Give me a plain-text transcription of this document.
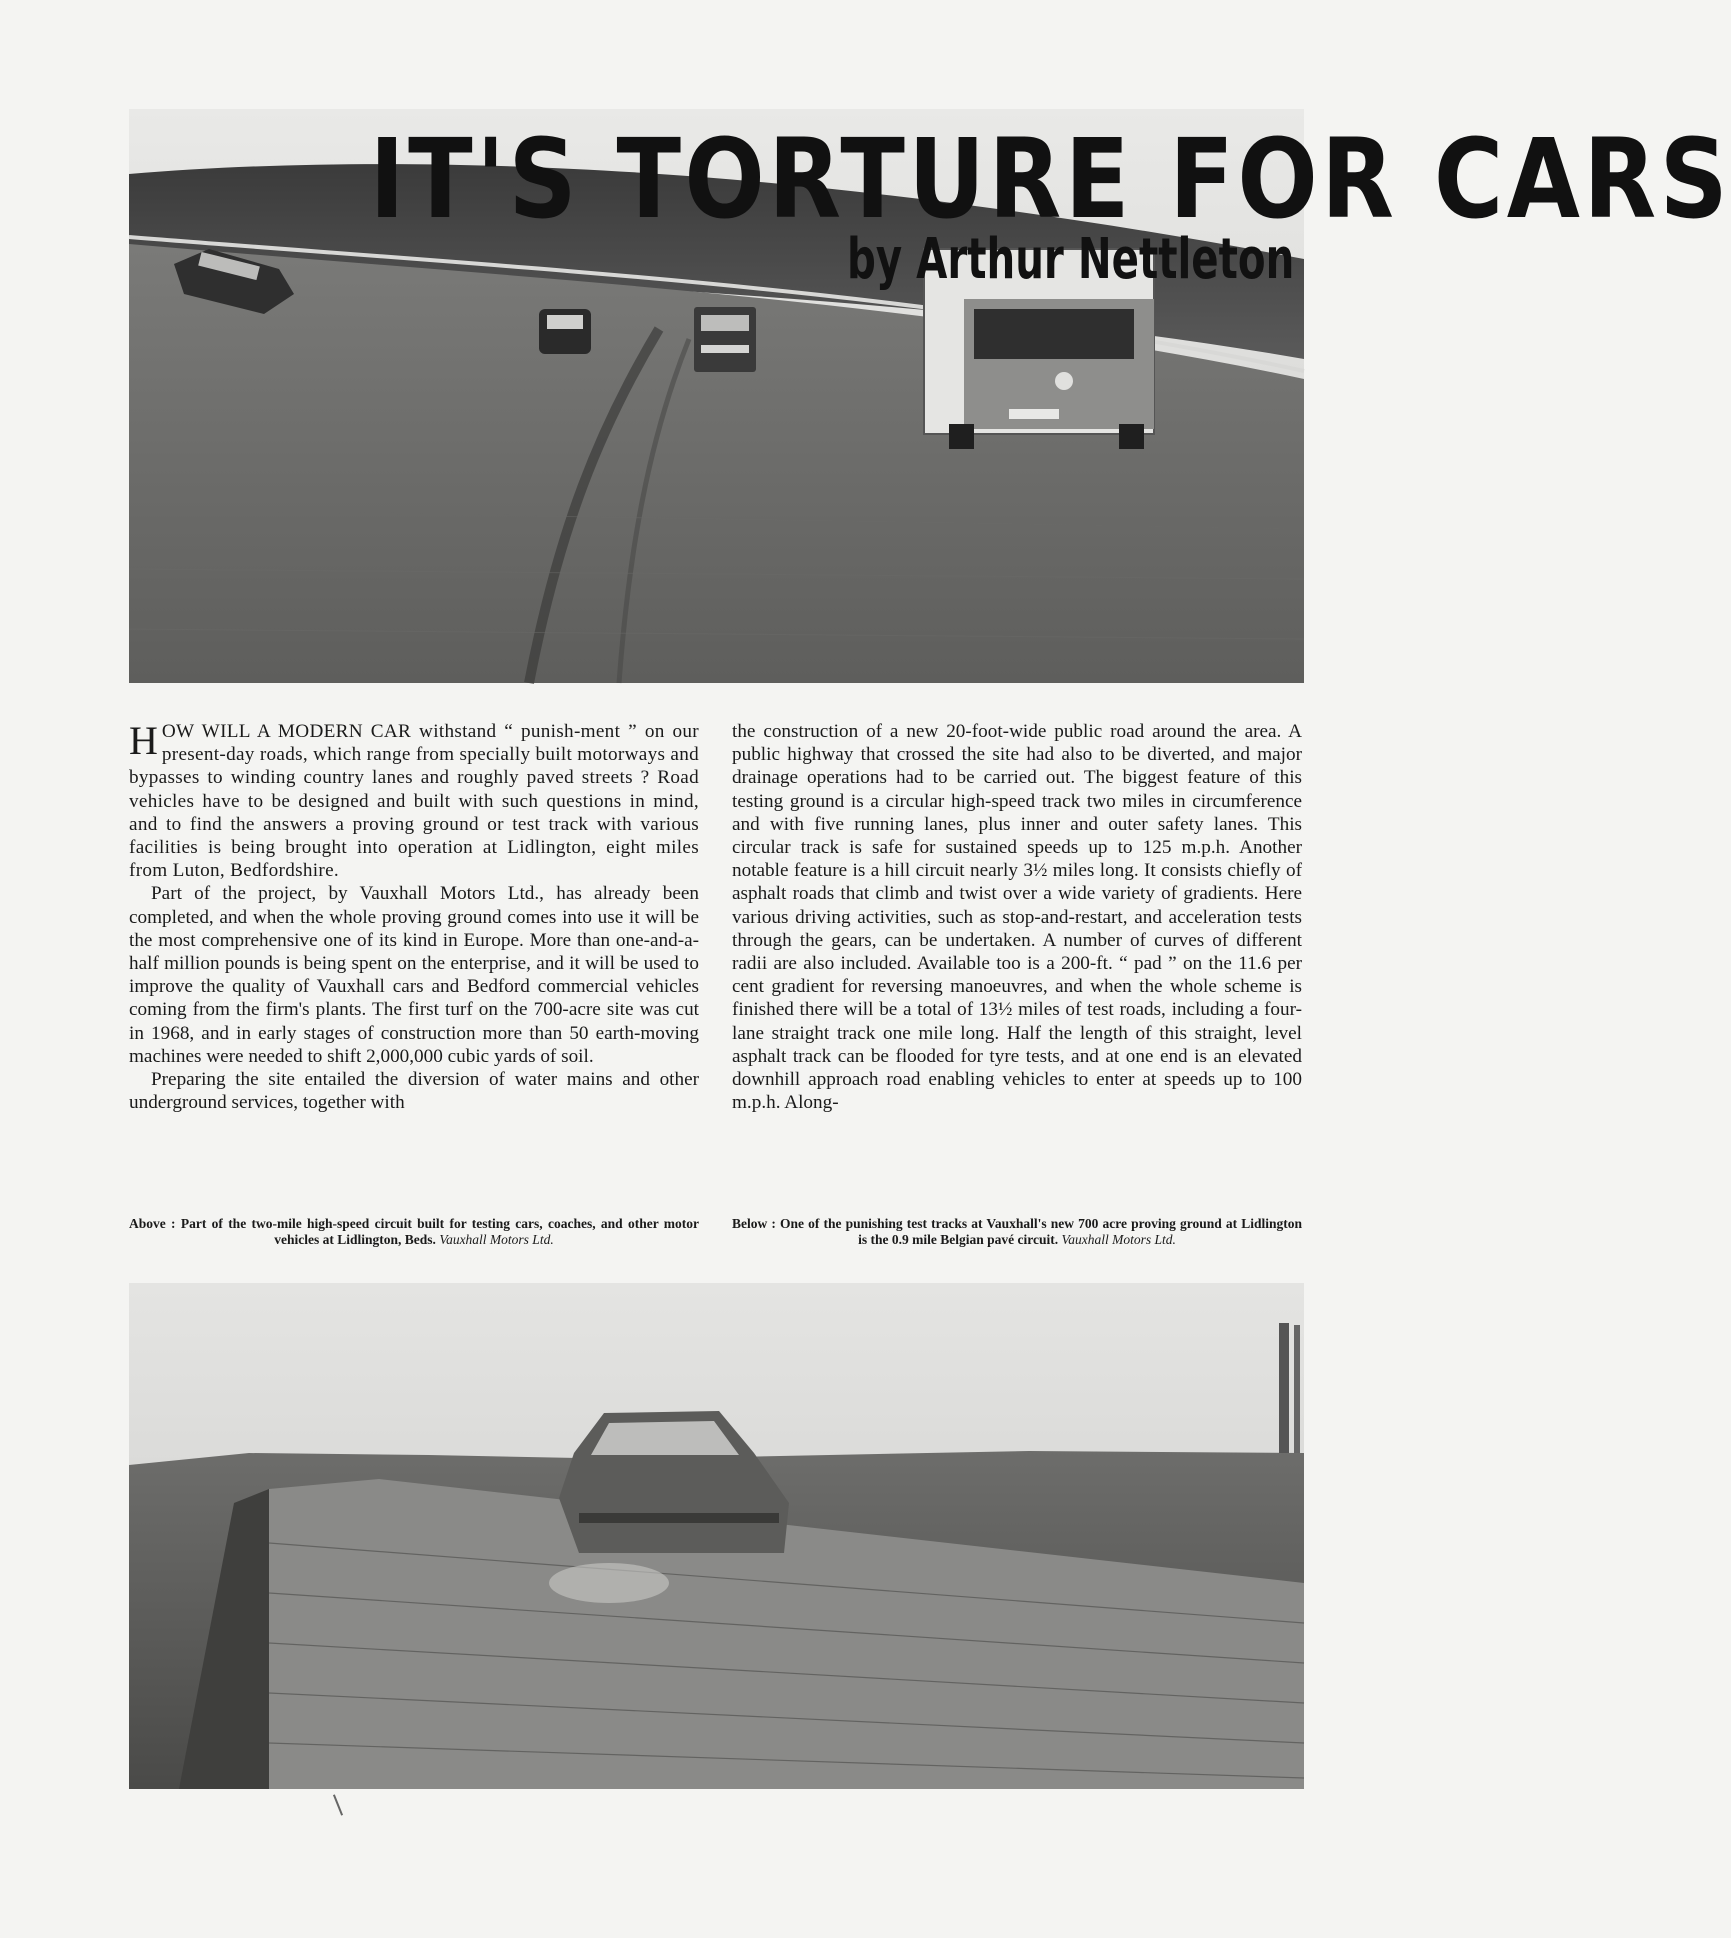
IT'S TORTURE FOR CARS
by Arthur Nettleton

HOW WILL A MODERN CAR withstand “ punish-ment ” on our present-day roads, which range from specially built motorways and bypasses to winding country lanes and roughly paved streets ? Road vehicles have to be designed and built with such questions in mind, and to find the answers a proving ground or test track with various facilities is being brought into operation at Lidlington, eight miles from Luton, Bedfordshire.

Part of the project, by Vauxhall Motors Ltd., has already been completed, and when the whole proving ground comes into use it will be the most comprehensive one of its kind in Europe. More than one-and-a-half million pounds is being spent on the enterprise, and it will be used to improve the quality of Vauxhall cars and Bedford commercial vehicles coming from the firm's plants. The first turf on the 700-acre site was cut in 1968, and in early stages of construction more than 50 earth-moving machines were needed to shift 2,000,000 cubic yards of soil.

Preparing the site entailed the diversion of water mains and other underground services, together with

the construction of a new 20-foot-wide public road around the area. A public highway that crossed the site had also to be diverted, and major drainage operations had to be carried out. The biggest feature of this testing ground is a circular high-speed track two miles in circumference and with five running lanes, plus inner and outer safety lanes. This circular track is safe for sustained speeds up to 125 m.p.h. Another notable feature is a hill circuit nearly 3½ miles long. It consists chiefly of asphalt roads that climb and twist over a wide variety of gradients. Here various driving activities, such as stop-and-restart, and acceleration tests through the gears, can be undertaken. A number of curves of different radii are also included. Available too is a 200-ft. “ pad ” on the 11.6 per cent gradient for reversing manoeuvres, and when the whole scheme is finished there will be a total of 13½ miles of test roads, including a four-lane straight track one mile long. Half the length of this straight, level asphalt track can be flooded for tyre tests, and at one end is an elevated downhill approach road enabling vehicles to enter at speeds up to 100 m.p.h. Along-

Above : Part of the two-mile high-speed circuit built for testing cars, coaches, and other motor vehicles at Lidlington, Beds. Vauxhall Motors Ltd.
Below : One of the punishing test tracks at Vauxhall's new 700 acre proving ground at Lidlington is the 0.9 mile Belgian pavé circuit. Vauxhall Motors Ltd.
